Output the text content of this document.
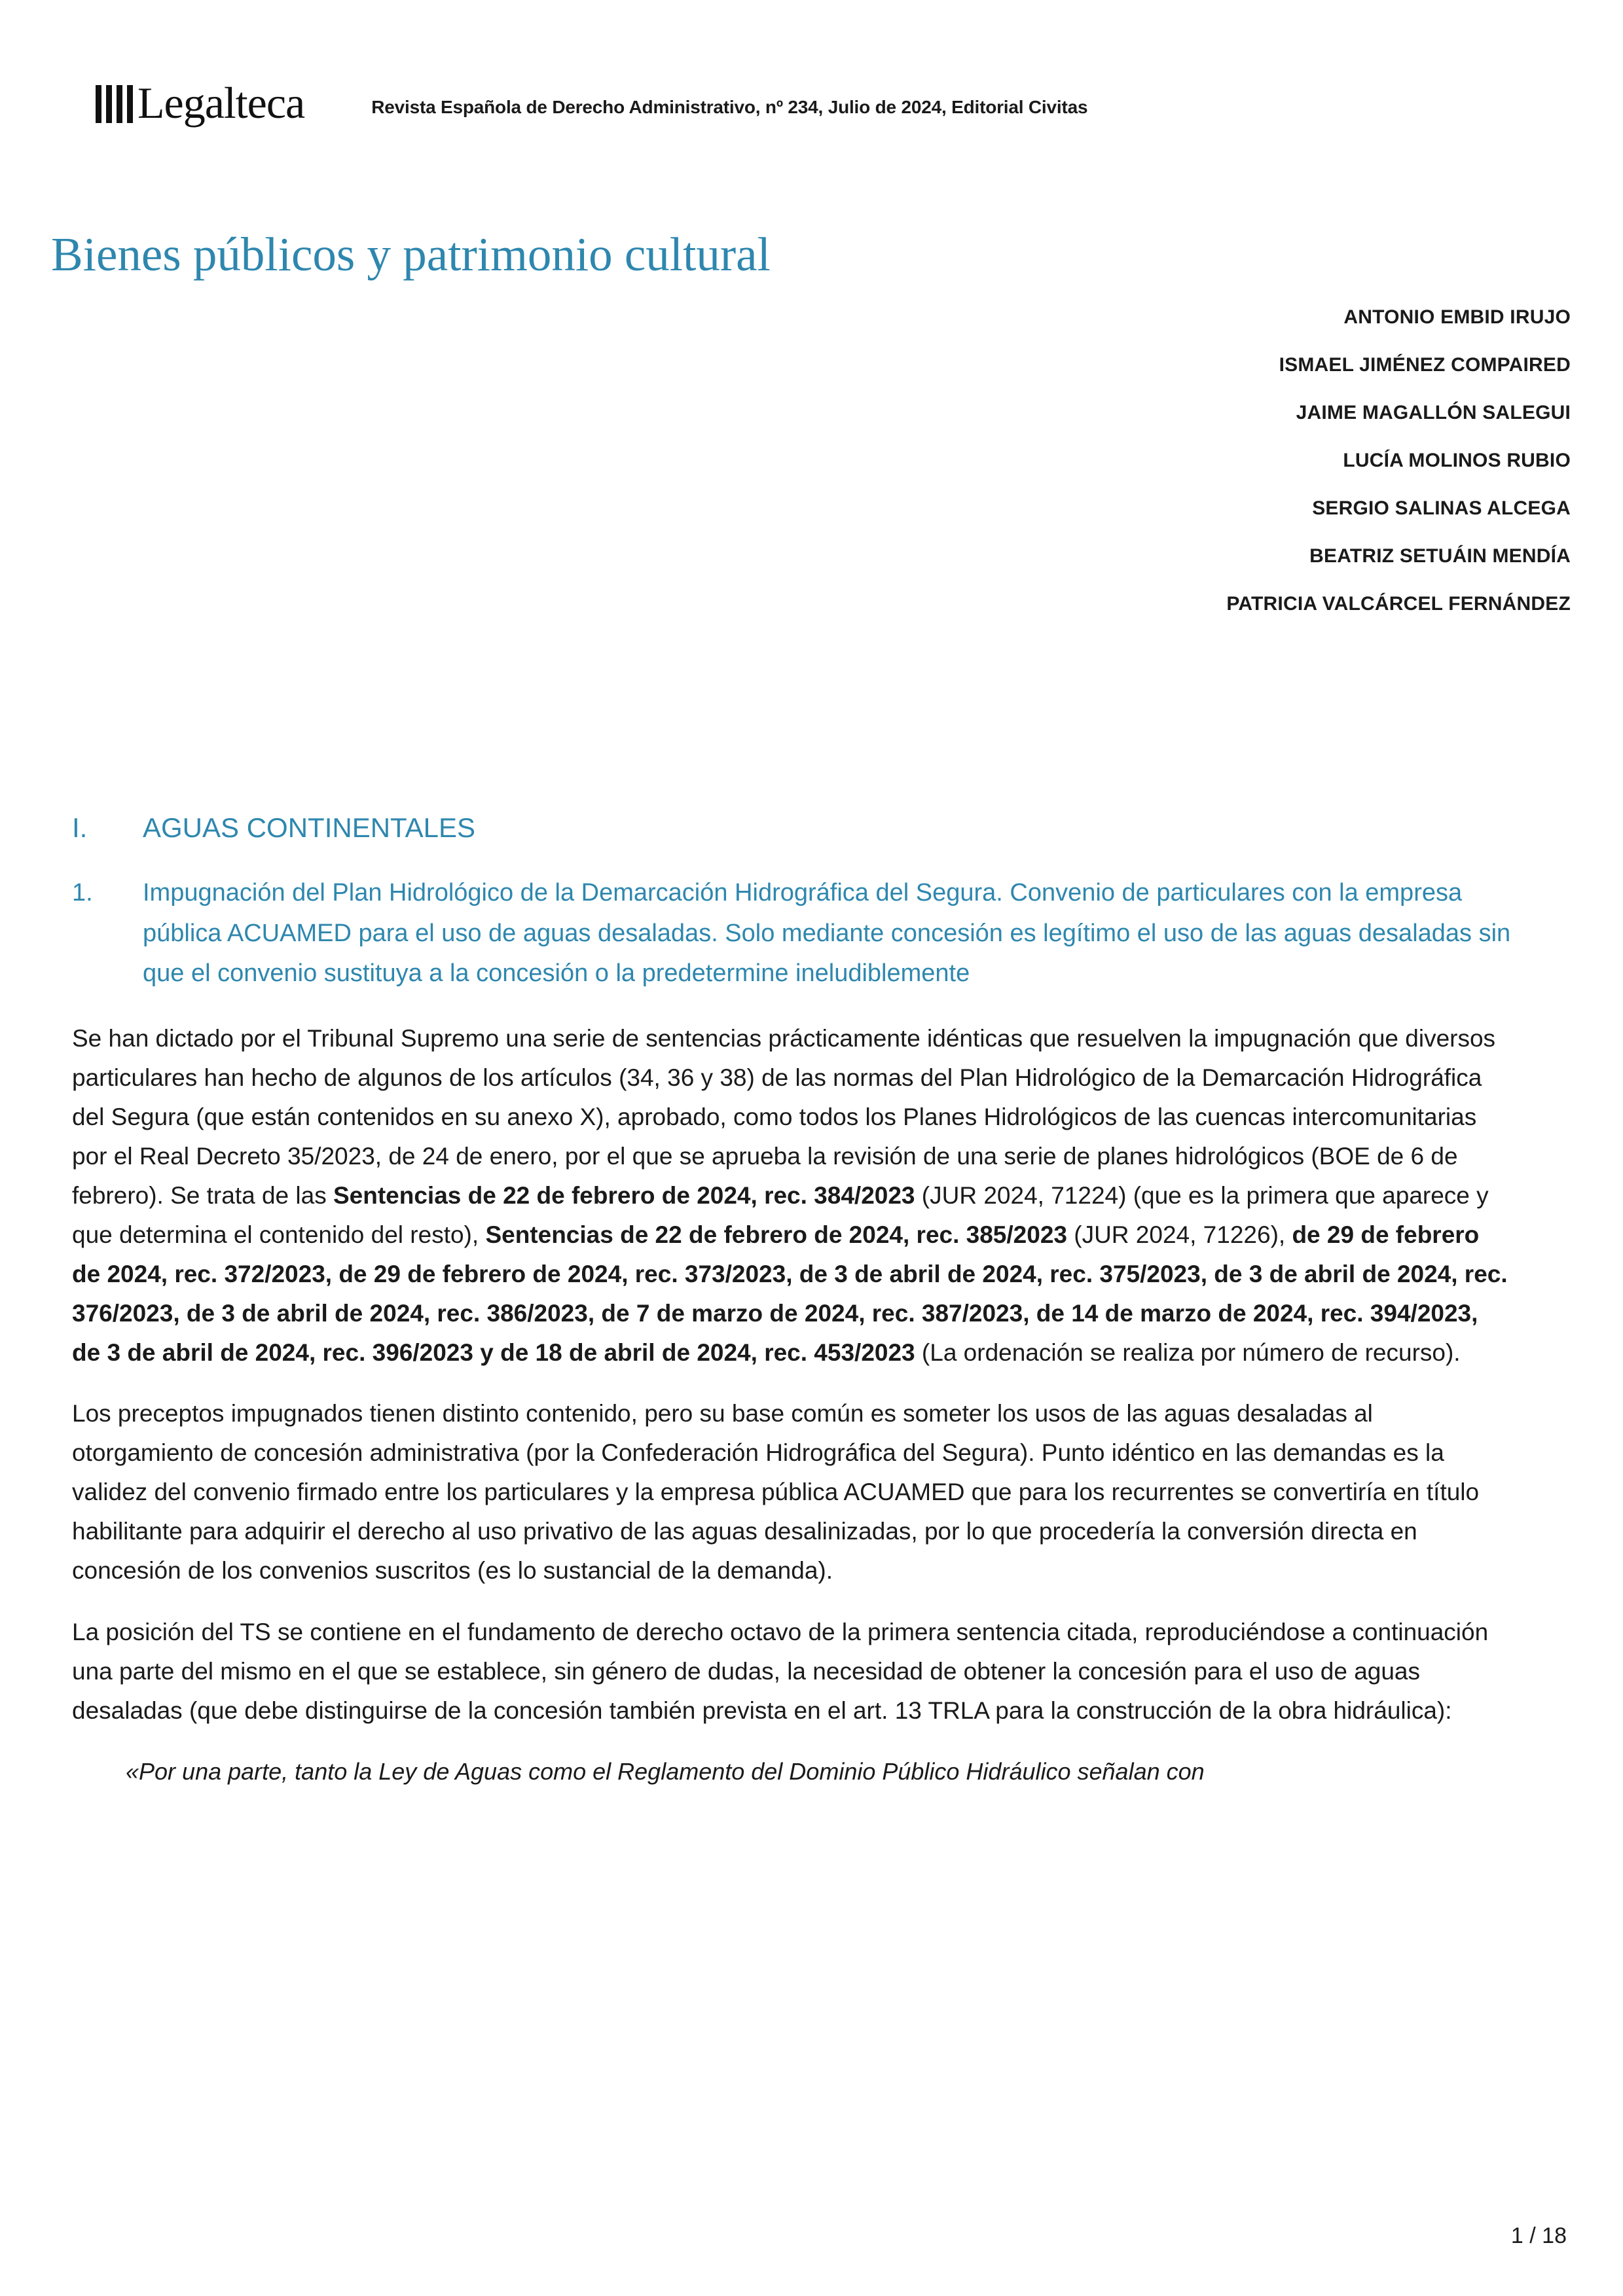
Legalteca	Revista Española de Derecho Administrativo, nº 234, Julio de 2024, Editorial Civitas
Bienes públicos y patrimonio cultural
ANTONIO EMBID IRUJO
ISMAEL JIMÉNEZ COMPAIRED
JAIME MAGALLÓN SALEGUI
LUCÍA MOLINOS RUBIO
SERGIO SALINAS ALCEGA
BEATRIZ SETUÁIN MENDÍA
PATRICIA VALCÁRCEL FERNÁNDEZ
I.	AGUAS CONTINENTALES
1.	Impugnación del Plan Hidrológico de la Demarcación Hidrográfica del Segura. Convenio de particulares con la empresa pública ACUAMED para el uso de aguas desaladas. Solo mediante concesión es legítimo el uso de las aguas desaladas sin que el convenio sustituya a la concesión o la predetermine ineludiblemente

Se han dictado por el Tribunal Supremo una serie de sentencias prácticamente idénticas que resuelven la impugnación que diversos particulares han hecho de algunos de los artículos (34, 36 y 38) de las normas del Plan Hidrológico de la Demarcación Hidrográfica del Segura (que están contenidos en su anexo X), aprobado, como todos los Planes Hidrológicos de las cuencas intercomunitarias por el Real Decreto 35/2023, de 24 de enero, por el que se aprueba la revisión de una serie de planes hidrológicos (BOE de 6 de febrero). Se trata de las Sentencias de 22 de febrero de 2024, rec. 384/2023 (JUR 2024, 71224) (que es la primera que aparece y que determina el contenido del resto), Sentencias de 22 de febrero de 2024, rec. 385/2023 (JUR 2024, 71226), de 29 de febrero de 2024, rec. 372/2023, de 29 de febrero de 2024, rec. 373/2023, de 3 de abril de 2024, rec. 375/2023, de 3 de abril de 2024, rec. 376/2023, de 3 de abril de 2024, rec. 386/2023, de 7 de marzo de 2024, rec. 387/2023, de 14 de marzo de 2024, rec. 394/2023, de 3 de abril de 2024, rec. 396/2023 y de 18 de abril de 2024, rec. 453/2023 (La ordenación se realiza por número de recurso).

Los preceptos impugnados tienen distinto contenido, pero su base común es someter los usos de las aguas desaladas al otorgamiento de concesión administrativa (por la Confederación Hidrográfica del Segura). Punto idéntico en las demandas es la validez del convenio firmado entre los particulares y la empresa pública ACUAMED que para los recurrentes se convertiría en título habilitante para adquirir el derecho al uso privativo de las aguas desalinizadas, por lo que procedería la conversión directa en concesión de los convenios suscritos (es lo sustancial de la demanda).

La posición del TS se contiene en el fundamento de derecho octavo de la primera sentencia citada, reproduciéndose a continuación una parte del mismo en el que se establece, sin género de dudas, la necesidad de obtener la concesión para el uso de aguas desaladas (que debe distinguirse de la concesión también prevista en el art. 13 TRLA para la construcción de la obra hidráulica):

«Por una parte, tanto la Ley de Aguas como el Reglamento del Dominio Público Hidráulico señalan con

1 / 18
